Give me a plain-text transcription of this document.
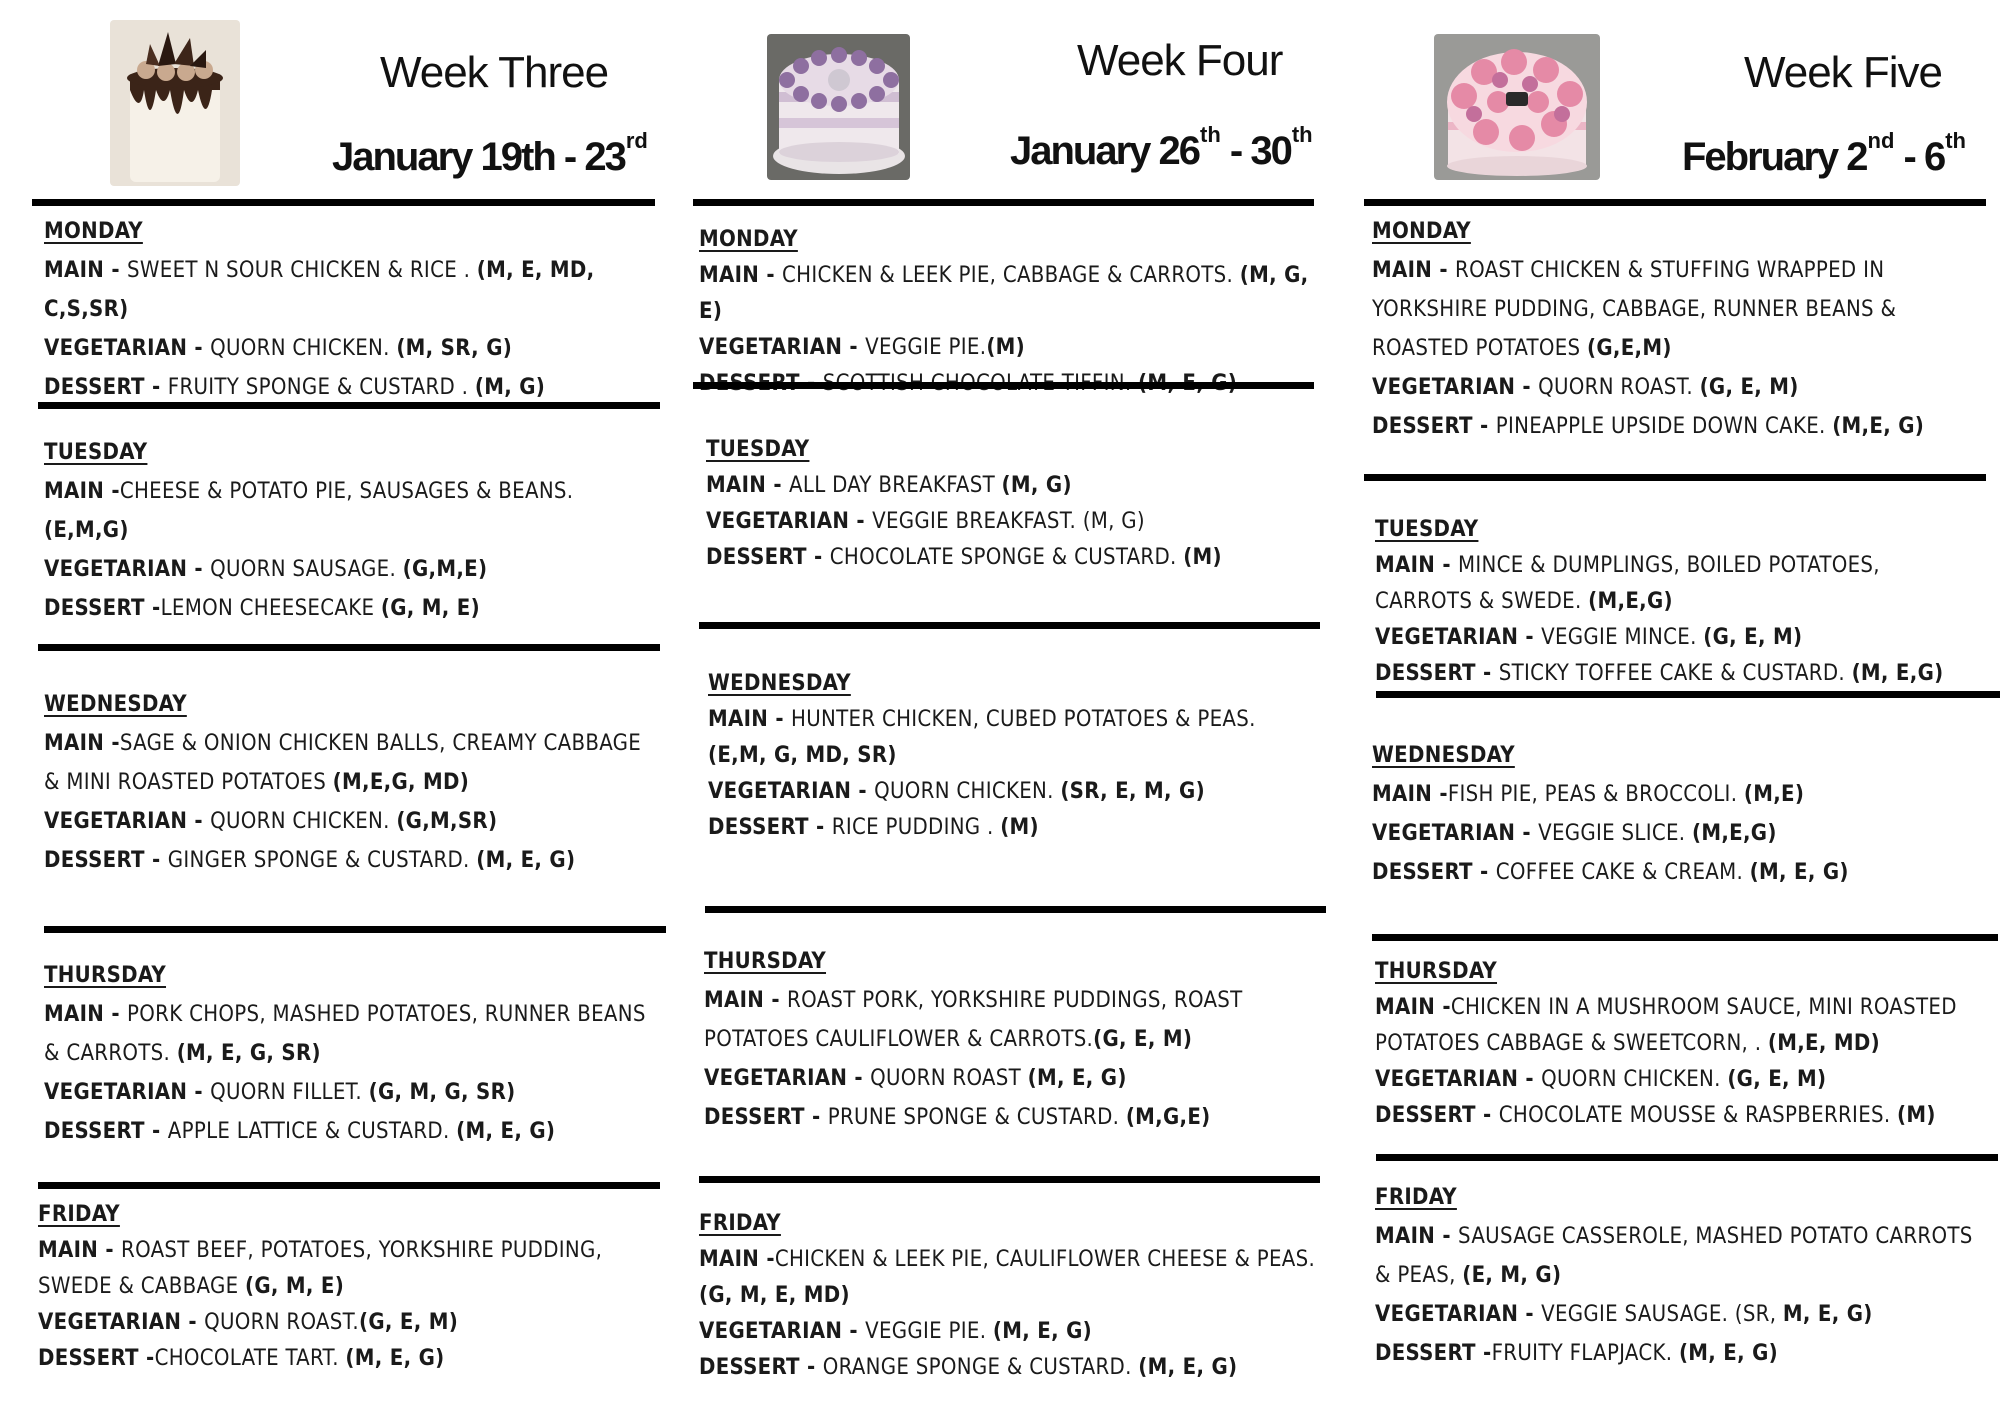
Week Three
January 19th - 23rd
MONDAY
MAIN - SWEET N SOUR CHICKEN & RICE . (M, E, MD, C,S,SR)
VEGETARIAN - QUORN CHICKEN. (M, SR, G)
DESSERT - FRUITY SPONGE & CUSTARD . (M, G)
TUESDAY
MAIN -CHEESE & POTATO PIE, SAUSAGES & BEANS. (E,M,G)
VEGETARIAN - QUORN SAUSAGE. (G,M,E)
DESSERT -LEMON CHEESECAKE (G, M, E)
WEDNESDAY
MAIN -SAGE & ONION CHICKEN BALLS, CREAMY CABBAGE & MINI ROASTED POTATOES (M,E,G, MD)
VEGETARIAN - QUORN CHICKEN. (G,M,SR)
DESSERT - GINGER SPONGE & CUSTARD. (M, E, G)
THURSDAY
MAIN - PORK CHOPS, MASHED POTATOES, RUNNER BEANS & CARROTS. (M, E, G, SR)
VEGETARIAN - QUORN FILLET. (G, M, G, SR)
DESSERT - APPLE LATTICE & CUSTARD. (M, E, G)
FRIDAY
MAIN - ROAST BEEF, POTATOES, YORKSHIRE PUDDING, SWEDE & CABBAGE (G, M, E)
VEGETARIAN - QUORN ROAST.(G, E, M)
DESSERT -CHOCOLATE TART. (M, E, G)
Week Four
January 26th - 30th
MONDAY
MAIN - CHICKEN & LEEK PIE, CABBAGE & CARROTS. (M, G, E)
VEGETARIAN - VEGGIE PIE.(M)
TUESDAY
MAIN - ALL DAY BREAKFAST (M, G)
VEGETARIAN - VEGGIE BREAKFAST. (M, G)
DESSERT - CHOCOLATE SPONGE & CUSTARD. (M)
WEDNESDAY
MAIN - HUNTER CHICKEN, CUBED POTATOES & PEAS. (E,M, G, MD, SR)
VEGETARIAN - QUORN CHICKEN. (SR, E, M, G)
DESSERT - RICE PUDDING . (M)
THURSDAY
MAIN - ROAST PORK, YORKSHIRE PUDDINGS, ROAST POTATOES CAULIFLOWER & CARROTS.(G, E, M)
VEGETARIAN - QUORN ROAST (M, E, G)
DESSERT - PRUNE SPONGE & CUSTARD. (M,G,E)
FRIDAY
MAIN -CHICKEN & LEEK PIE, CAULIFLOWER CHEESE & PEAS. (G, M, E, MD)
VEGETARIAN - VEGGIE PIE. (M, E, G)
DESSERT - ORANGE SPONGE & CUSTARD. (M, E, G)
Week Five
February 2nd - 6th
MONDAY
MAIN - ROAST CHICKEN & STUFFING WRAPPED IN YORKSHIRE PUDDING, CABBAGE, RUNNER BEANS & ROASTED POTATOES (G,E,M)
VEGETARIAN - QUORN ROAST. (G, E, M)
DESSERT - PINEAPPLE UPSIDE DOWN CAKE. (M,E, G)
TUESDAY
MAIN - MINCE & DUMPLINGS, BOILED POTATOES, CARROTS & SWEDE. (M,E,G)
VEGETARIAN - VEGGIE MINCE. (G, E, M)
DESSERT - STICKY TOFFEE CAKE & CUSTARD. (M, E,G)
WEDNESDAY
MAIN -FISH PIE, PEAS & BROCCOLI. (M,E)
VEGETARIAN - VEGGIE SLICE. (M,E,G)
DESSERT - COFFEE CAKE & CREAM. (M, E, G)
THURSDAY
MAIN -CHICKEN IN A MUSHROOM SAUCE, MINI ROASTED POTATOES CABBAGE & SWEETCORN, . (M,E, MD)
VEGETARIAN - QUORN CHICKEN. (G, E, M)
DESSERT - CHOCOLATE MOUSSE & RASPBERRIES. (M)
FRIDAY
MAIN - SAUSAGE CASSEROLE, MASHED POTATO CARROTS & PEAS, (E, M, G)
VEGETARIAN - VEGGIE SAUSAGE. (SR, M, E, G)
DESSERT -FRUITY FLAPJACK. (M, E, G)
